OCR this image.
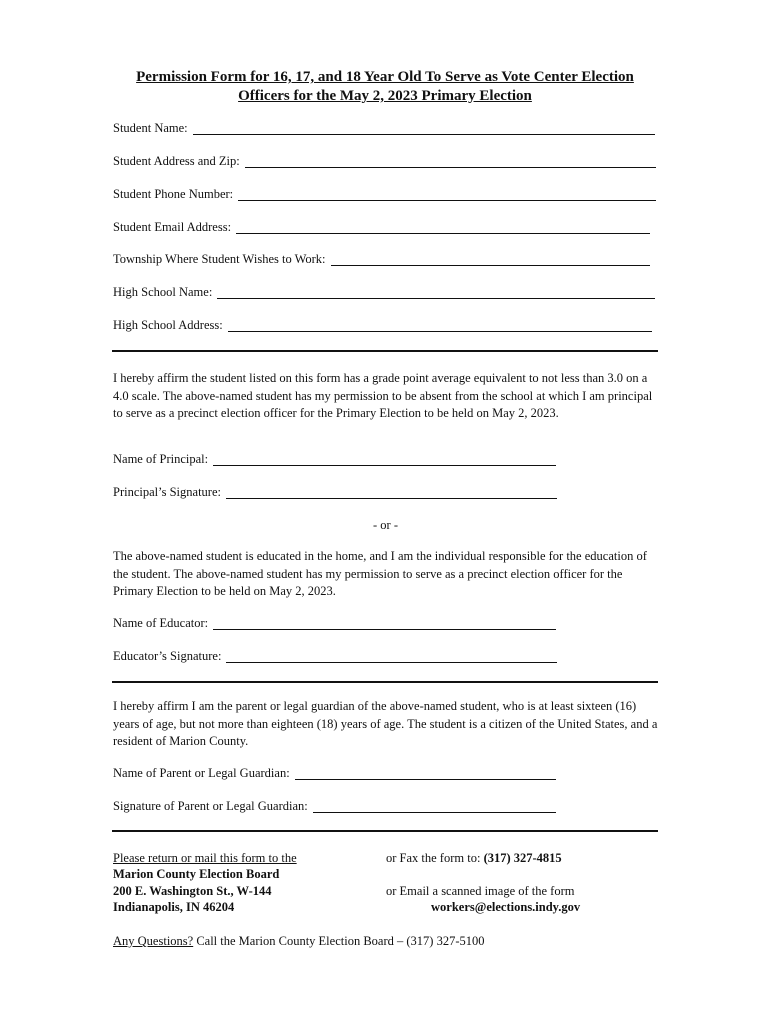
Permission Form for 16, 17, and 18 Year Old To Serve as Vote Center Election
Officers for the May 2, 2023 Primary Election
Student Name:
Student Address and Zip:
Student Phone Number:
Student Email Address:
Township Where Student Wishes to Work:
High School Name:
High School Address:
I hereby affirm the student listed on this form has a grade point average equivalent to not less than 3.0 on a 4.0 scale. The above-named student has my permission to be absent from the school at which I am principal to serve as a precinct election officer for the Primary Election to be held on May 2, 2023.
Name of Principal:
Principal’s Signature:
- or -
The above-named student is educated in the home, and I am the individual responsible for the education of the student. The above-named student has my permission to serve as a precinct election officer for the Primary Election to be held on May 2, 2023.
Name of Educator:
Educator’s Signature:
I hereby affirm I am the parent or legal guardian of the above-named student, who is at least sixteen (16) years of age, but not more than eighteen (18) years of age. The student is a citizen of the United States, and a resident of Marion County.
Name of Parent or Legal Guardian:
Signature of Parent or Legal Guardian:
Please return or mail this form to the
Marion County Election Board
200 E. Washington St., W-144
Indianapolis, IN 46204
or Fax the form to: (317) 327-4815
or Email a scanned image of the form
workers@elections.indy.gov
Any Questions? Call the Marion County Election Board – (317) 327-5100
